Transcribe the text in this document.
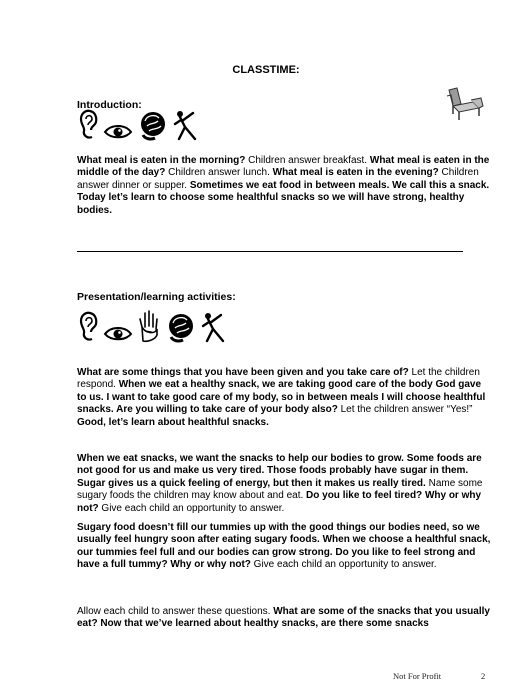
CLASSTIME:
Introduction:
What meal is eaten in the morning? Children answer breakfast. What meal is eaten in the middle of the day? Children answer lunch. What meal is eaten in the evening? Children answer dinner or supper. Sometimes we eat food in between meals. We call this a snack. Today let’s learn to choose some healthful snacks so we will have strong, healthy bodies.
Presentation/learning activities:
What are some things that you have been given and you take care of? Let the children respond. When we eat a healthy snack, we are taking good care of the body God gave to us. I want to take good care of my body, so in between meals I will choose healthful snacks. Are you willing to take care of your body also? Let the children answer “Yes!” Good, let’s learn about healthful snacks.
When we eat snacks, we want the snacks to help our bodies to grow. Some foods are not good for us and make us very tired. Those foods probably have sugar in them. Sugar gives us a quick feeling of energy, but then it makes us really tired. Name some sugary foods the children may know about and eat. Do you like to feel tired? Why or why not? Give each child an opportunity to answer.
Sugary food doesn’t fill our tummies up with the good things our bodies need, so we usually feel hungry soon after eating sugary foods. When we choose a healthful snack, our tummies feel full and our bodies can grow strong. Do you like to feel strong and have a full tummy? Why or why not? Give each child an opportunity to answer.
Allow each child to answer these questions. What are some of the snacks that you usually eat? Now that we’ve learned about healthy snacks, are there some snacks
Not For Profit	2
